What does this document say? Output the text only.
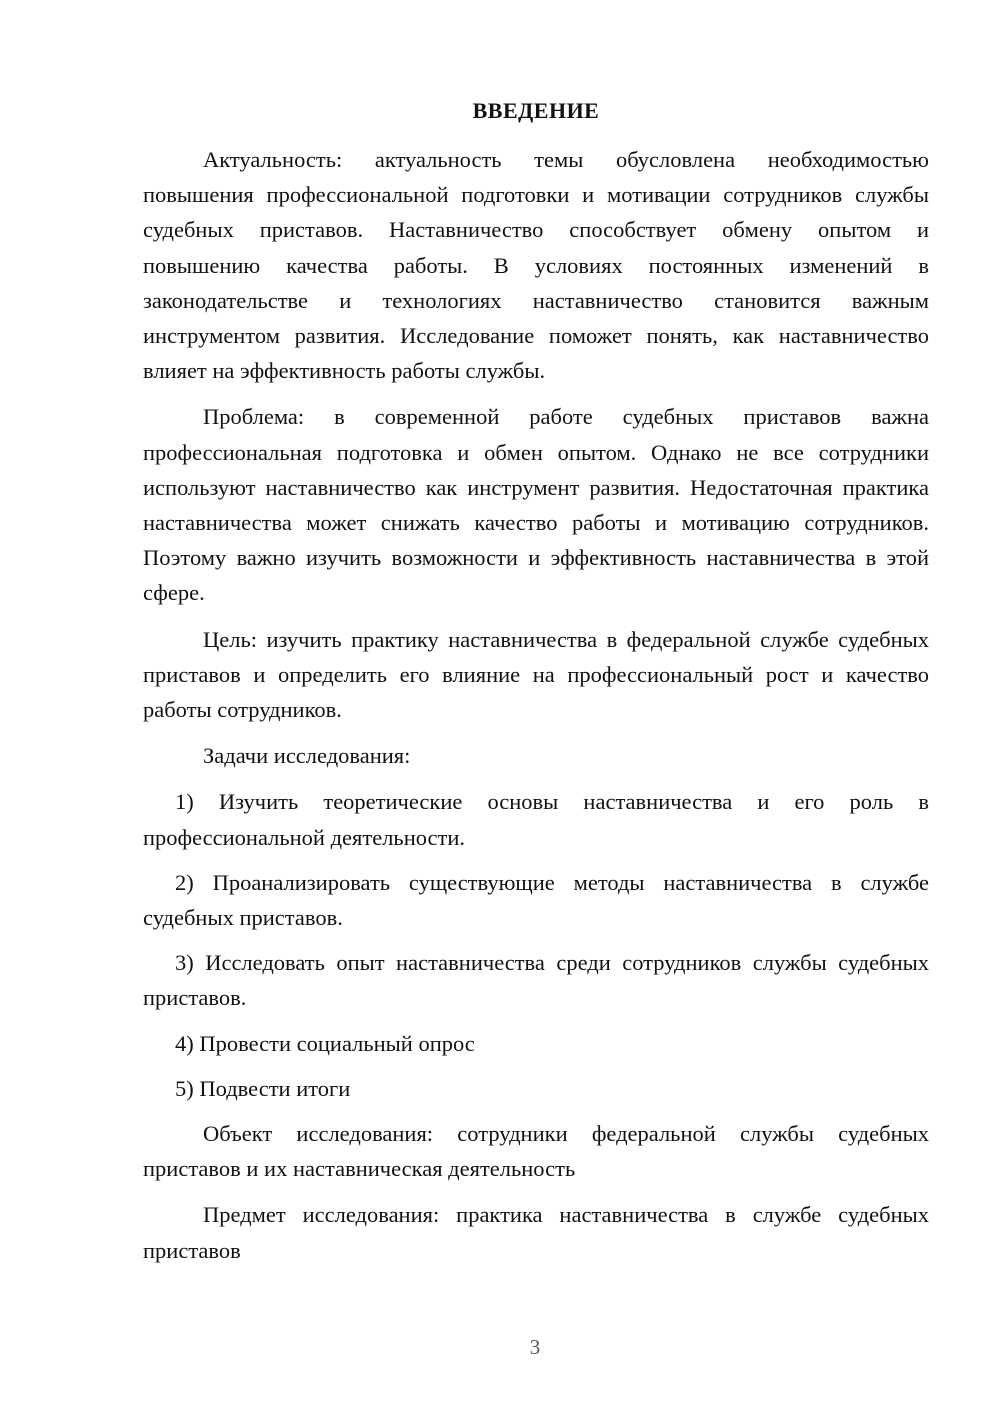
ВВЕДЕНИЕ

Актуальность: актуальность темы обусловлена необходимостью повышения профессиональной подготовки и мотивации сотрудников службы судебных приставов. Наставничество способствует обмену опытом и повышению качества работы. В условиях постоянных изменений в законодательстве и технологиях наставничество становится важным инструментом развития. Исследование поможет понять, как наставничество влияет на эффективность работы службы.

Проблема: в современной работе судебных приставов важна профессиональная подготовка и обмен опытом. Однако не все сотрудники используют наставничество как инструмент развития. Недостаточная практика наставничества может снижать качество работы и мотивацию сотрудников. Поэтому важно изучить возможности и эффективность наставничества в этой сфере.

Цель: изучить практику наставничества в федеральной службе судебных приставов и определить его влияние на профессиональный рост и качество работы сотрудников.

Задачи исследования:

1) Изучить теоретические основы наставничества и его роль в профессиональной деятельности.

2) Проанализировать существующие методы наставничества в службе судебных приставов.

3) Исследовать опыт наставничества среди сотрудников службы судебных приставов.

4) Провести социальный опрос

5) Подвести итоги

Объект исследования: сотрудники федеральной службы судебных приставов и их наставническая деятельность

Предмет исследования: практика наставничества в службе судебных приставов

3
